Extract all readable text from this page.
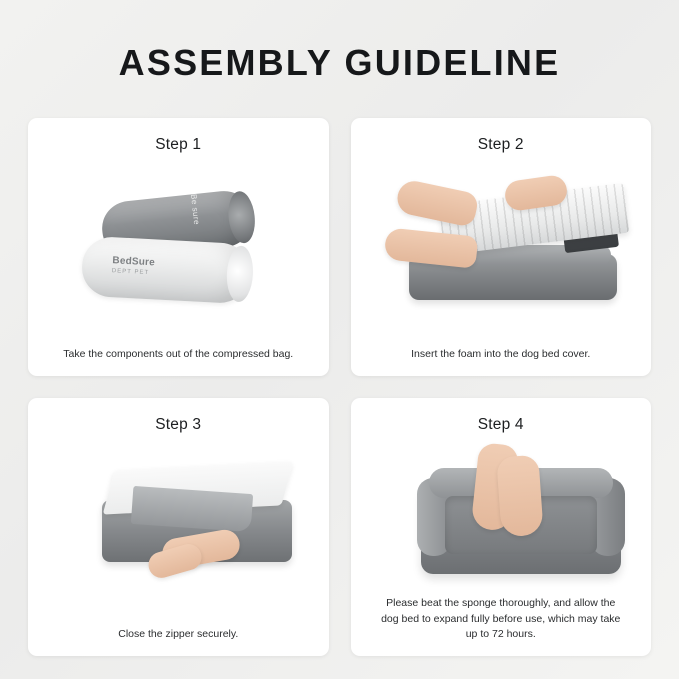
ASSEMBLY GUIDELINE
Step 1
Be sure
BedSure
DEPT PET
Take the components out of the compressed bag.
Step 2
Insert the foam into the dog bed cover.
Step 3
Close the zipper securely.
Step 4
Please beat the sponge thoroughly, and allow the dog bed to expand fully before use, which may take up to 72 hours.
